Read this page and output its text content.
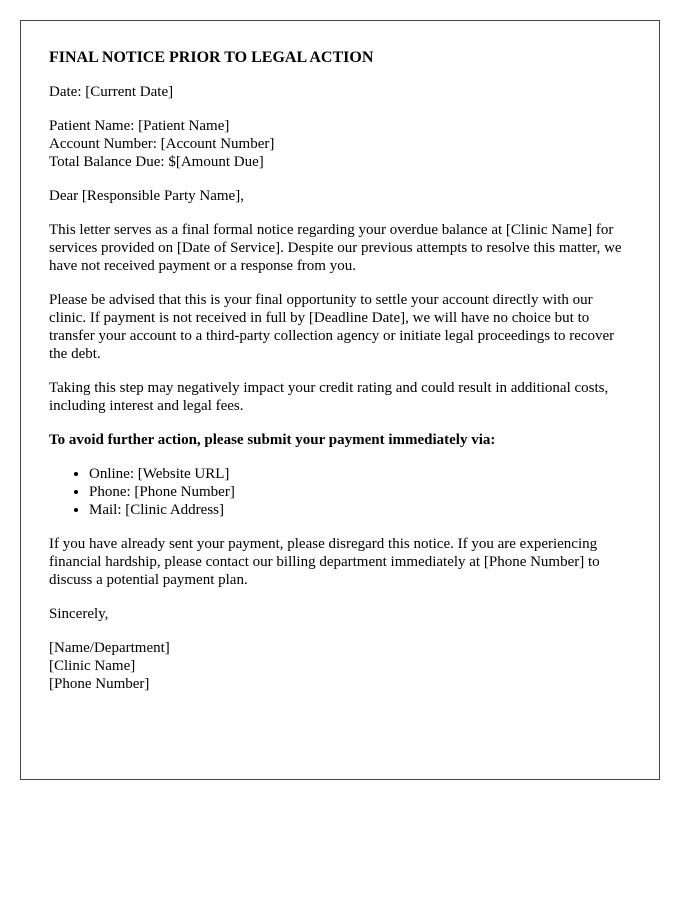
FINAL NOTICE PRIOR TO LEGAL ACTION

Date: [Current Date]

Patient Name: [Patient Name]
Account Number: [Account Number]
Total Balance Due: $[Amount Due]

Dear [Responsible Party Name],

This letter serves as a final formal notice regarding your overdue balance at [Clinic Name] for services provided on [Date of Service]. Despite our previous attempts to resolve this matter, we have not received payment or a response from you.

Please be advised that this is your final opportunity to settle your account directly with our clinic. If payment is not received in full by [Deadline Date], we will have no choice but to transfer your account to a third-party collection agency or initiate legal proceedings to recover the debt.

Taking this step may negatively impact your credit rating and could result in additional costs, including interest and legal fees.

To avoid further action, please submit your payment immediately via:

• Online: [Website URL]
• Phone: [Phone Number]
• Mail: [Clinic Address]

If you have already sent your payment, please disregard this notice. If you are experiencing financial hardship, please contact our billing department immediately at [Phone Number] to discuss a potential payment plan.

Sincerely,

[Name/Department]
[Clinic Name]
[Phone Number]
